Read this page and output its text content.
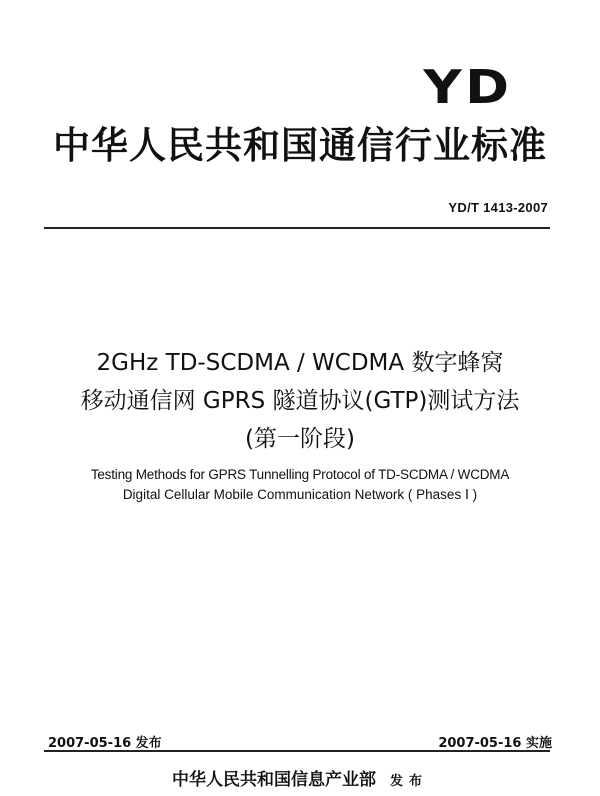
YD
中华人民共和国通信行业标准
YD/T 1413-2007
2GHz TD-SCDMA / WCDMA 数字蜂窝
移动通信网 GPRS 隧道协议(GTP)测试方法
(第一阶段)
Testing Methods for GPRS Tunnelling Protocol of TD-SCDMA / WCDMA
Digital Cellular Mobile Communication Network ( Phases Ⅰ )
2007-05-16 发布	2007-05-16 实施
中华人民共和国信息产业部 发布
